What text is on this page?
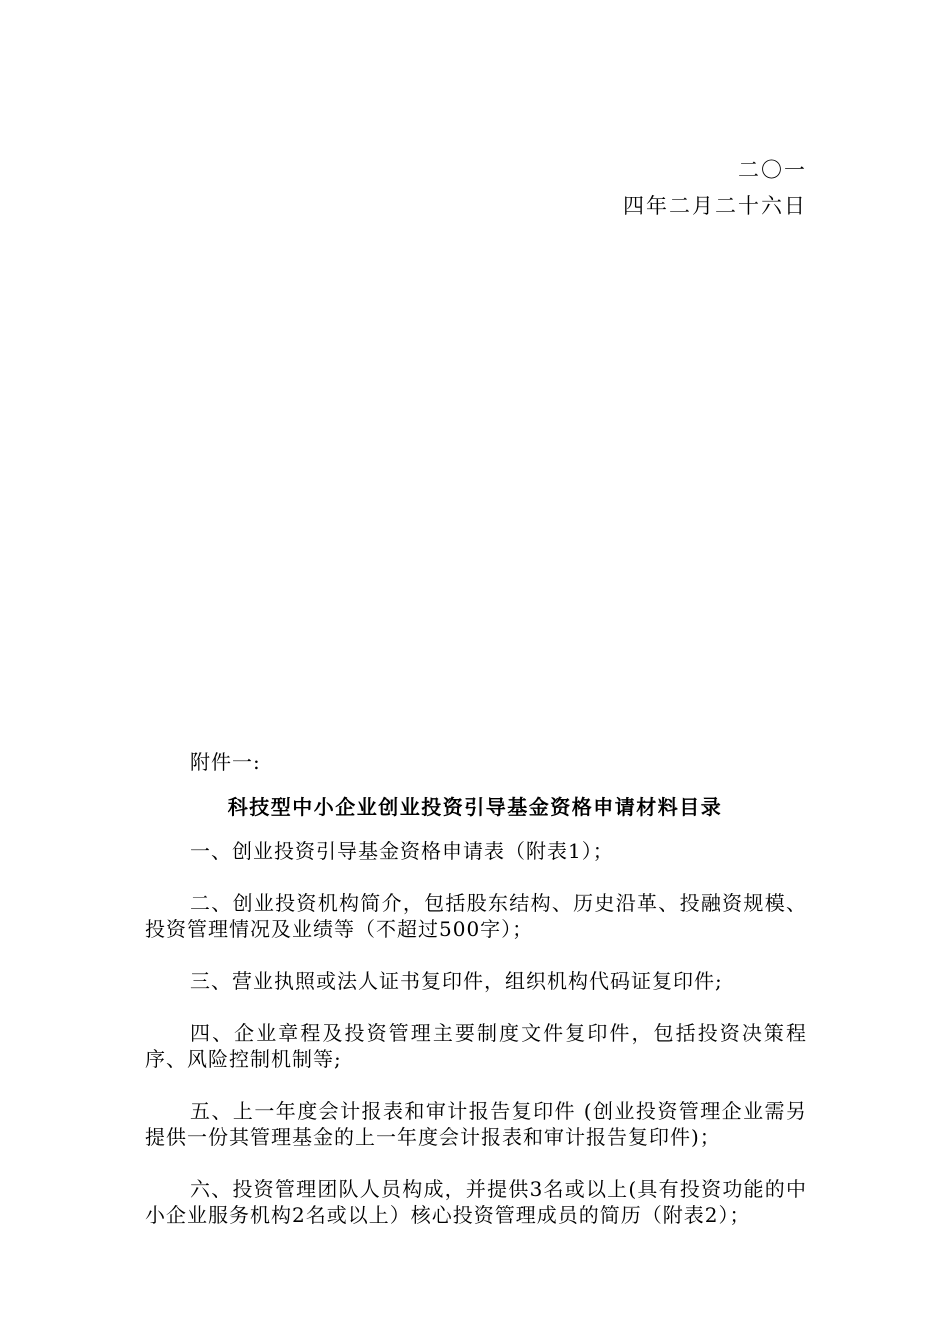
二〇一
四年二月二十六日
附件一:
科技型中小企业创业投资引导基金资格申请材料目录
一、创业投资引导基金资格申请表（附表1）；
二、创业投资机构简介，包括股东结构、历史沿革、投融资规模、投资管理情况及业绩等（不超过500字）；
三、营业执照或法人证书复印件，组织机构代码证复印件;
四、企业章程及投资管理主要制度文件复印件，包括投资决策程序、风险控制机制等;
五、上一年度会计报表和审计报告复印件 (创业投资管理企业需另提供一份其管理基金的上一年度会计报表和审计报告复印件)；
六、投资管理团队人员构成，并提供3名或以上(具有投资功能的中小企业服务机构2名或以上）核心投资管理成员的简历（附表2）；
